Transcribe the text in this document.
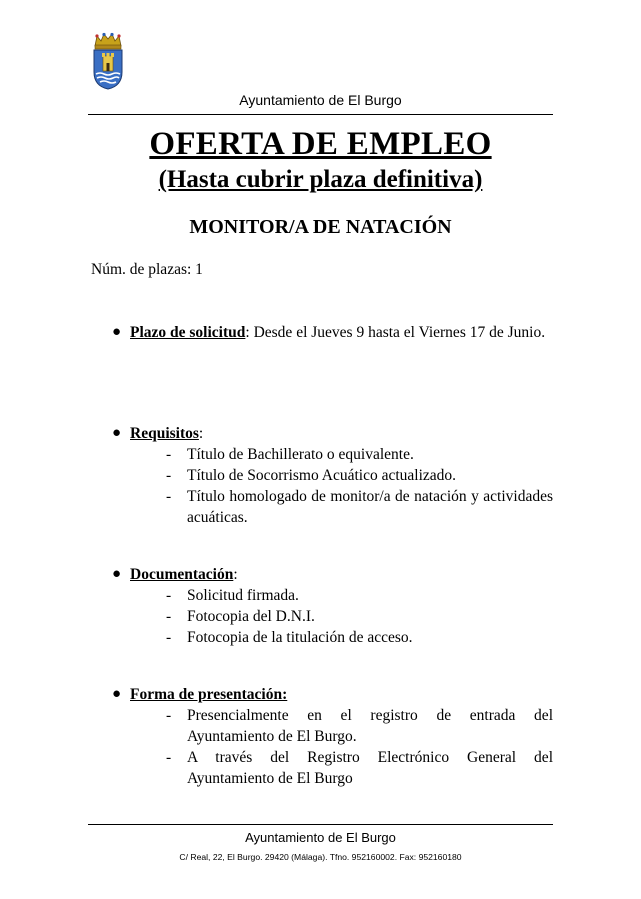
Ayuntamiento de El Burgo
OFERTA DE EMPLEO
(Hasta cubrir plaza definitiva)
MONITOR/A DE NATACIÓN
Núm. de plazas: 1
● Plazo de solicitud: Desde el Jueves 9 hasta el Viernes 17 de Junio.
● Requisitos:
- Título de Bachillerato o equivalente.
- Título de Socorrismo Acuático actualizado.
- Título homologado de monitor/a de natación y actividades acuáticas.
● Documentación:
- Solicitud firmada.
- Fotocopia del D.N.I.
- Fotocopia de la titulación de acceso.
● Forma de presentación:
- Presencialmente en el registro de entrada del Ayuntamiento de El Burgo.
- A través del Registro Electrónico General del Ayuntamiento de El Burgo
Ayuntamiento de El Burgo
C/ Real, 22, El Burgo. 29420 (Málaga). Tfno. 952160002. Fax: 952160180
